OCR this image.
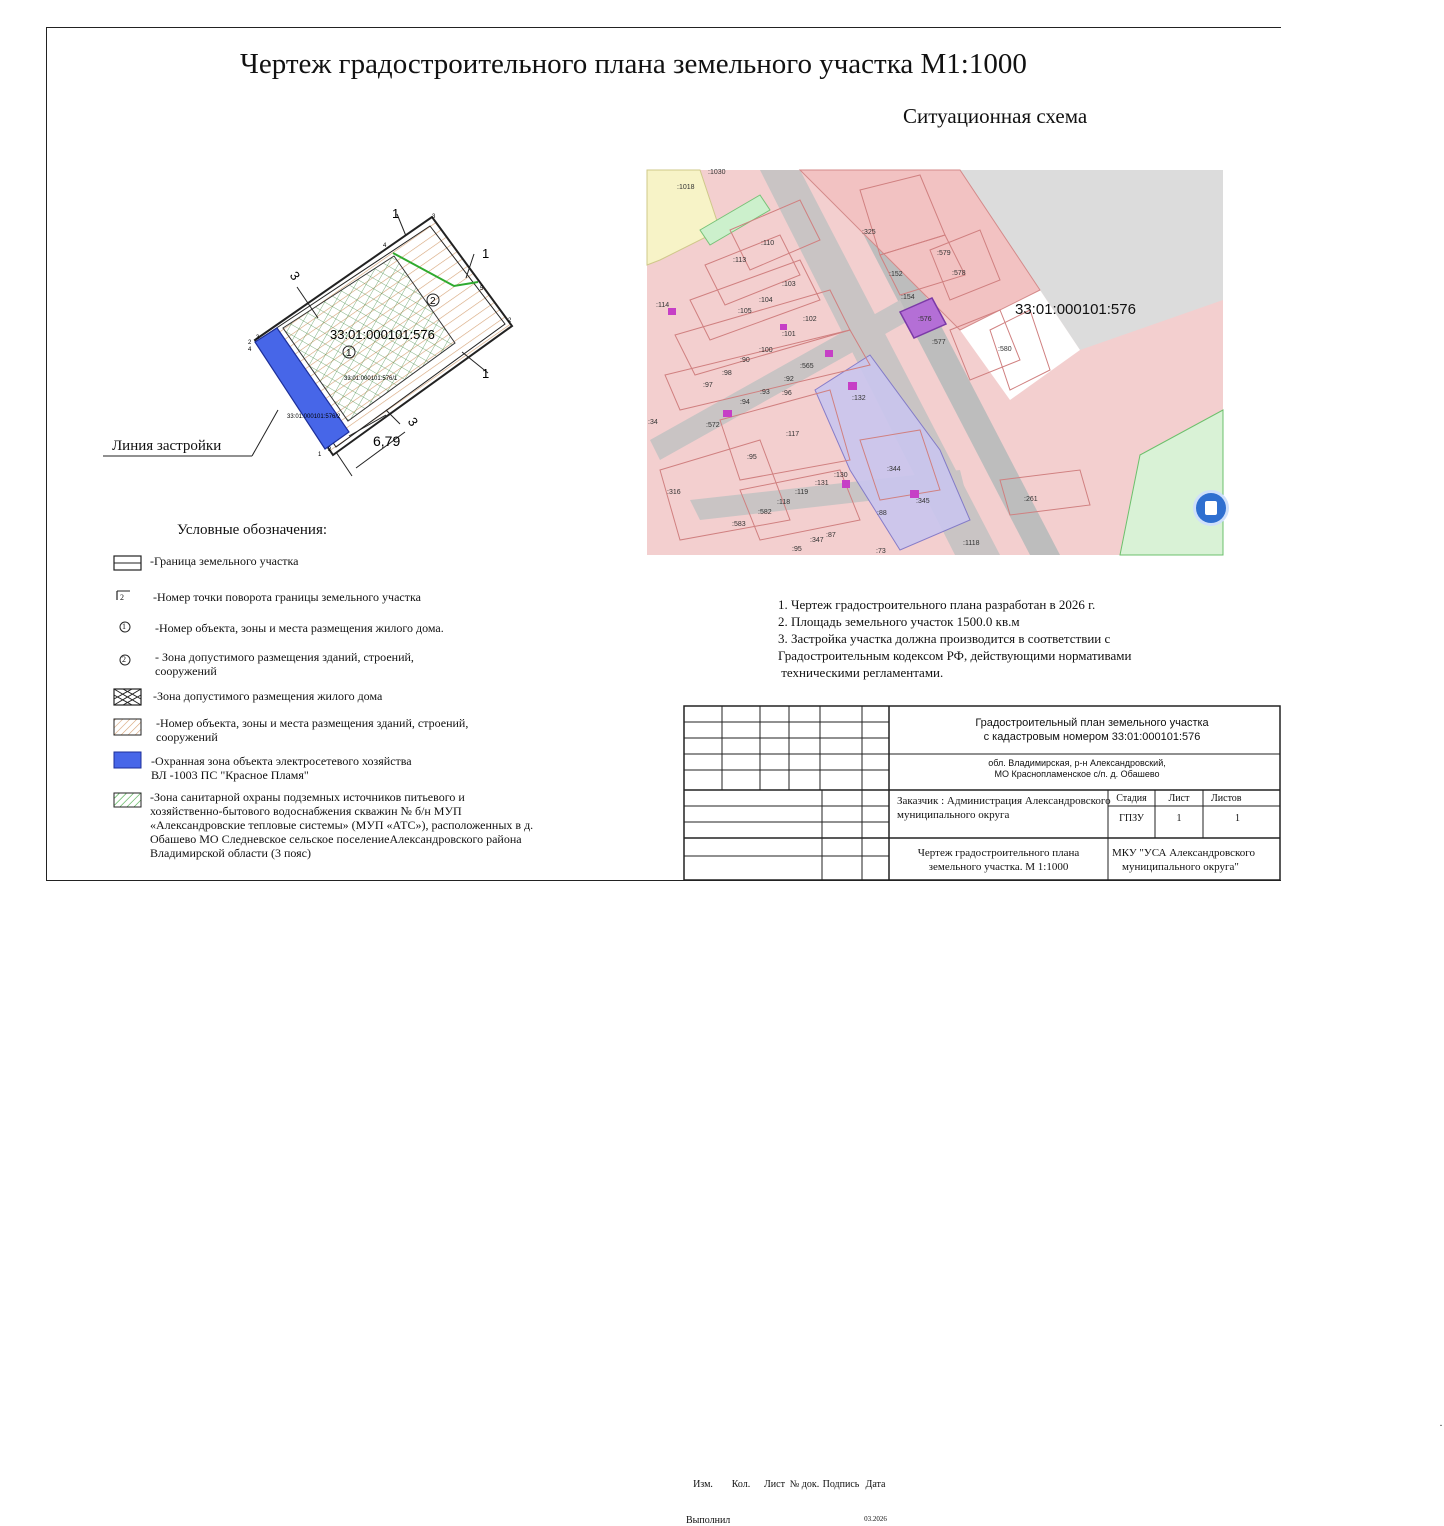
Чертеж градостроительного плана земельного участка М1:1000
Ситуационная схема
33:01:000101:576
33:01:000101:576/1
33:01:000101:576/2
1
2
6,79
3
3
1
1
1
2
4
3
3
4
5
2
1
2
Линия застройки
Условные обозначения:
2
1
2
-Граница земельного участка
-Номер точки поворота границы земельного участка
-Номер объекта, зоны и места размещения жилого дома.
- Зона допустимого размещения зданий, строений,
сооружений
-Зона допустимого размещения жилого дома
-Номер объекта, зоны и места размещения зданий, строений,
сооружений
-Охранная зона объекта электросетевого хозяйства
ВЛ -1003 ПС "Красное Пламя"
-Зона санитарной охраны подземных источников питьевого и
хозяйственно-бытового водоснабжения скважин № б/н МУП
«Александровские тепловые системы» (МУП «АТС»), расположенных в д.
Обашево МО Следневское сельское поселениеАлександровского района
Владимирской области (3 пояс)
:1030
:1018
:110
:113
:103
:114
:104
:105
:101
:102
:100
:90
:98
:97
:96
:565
:92
:93
:94
:572
:117
:95
:316
:131
:130
:119
:118
:582
:583
:347
:87
:88
:73
:95
:325
:152
:154
:576
:577
:579
:578
:580
:132
:344
:345	:261
:1118
:34
33:01:000101:576
1. Чертеж градостроительного плана разработан в 2026 г.
2. Площадь земельного участок 1500.0 кв.м
3. Застройка участка должна производится в соответствии с
Градостроительным кодексом РФ, действующими нормативами
техническими регламентами.
.
Изм.	Кол.	Лист № док. Подпись Дата
Выполнил	03.2026
Градостроительный план земельного участка
с кадастровым номером 33:01:000101:576
обл. Владимирская, р-н Александровский,
МО Краснопламенское с/п. д. Обашево
Заказчик : Администрация Александровского
муниципального округа
Стадия	Лист	Листов
ГПЗУ	1	1
Чертеж градостроительного плана
земельного участка. М 1:1000
МКУ "УСА Александровского
муниципального округа"
